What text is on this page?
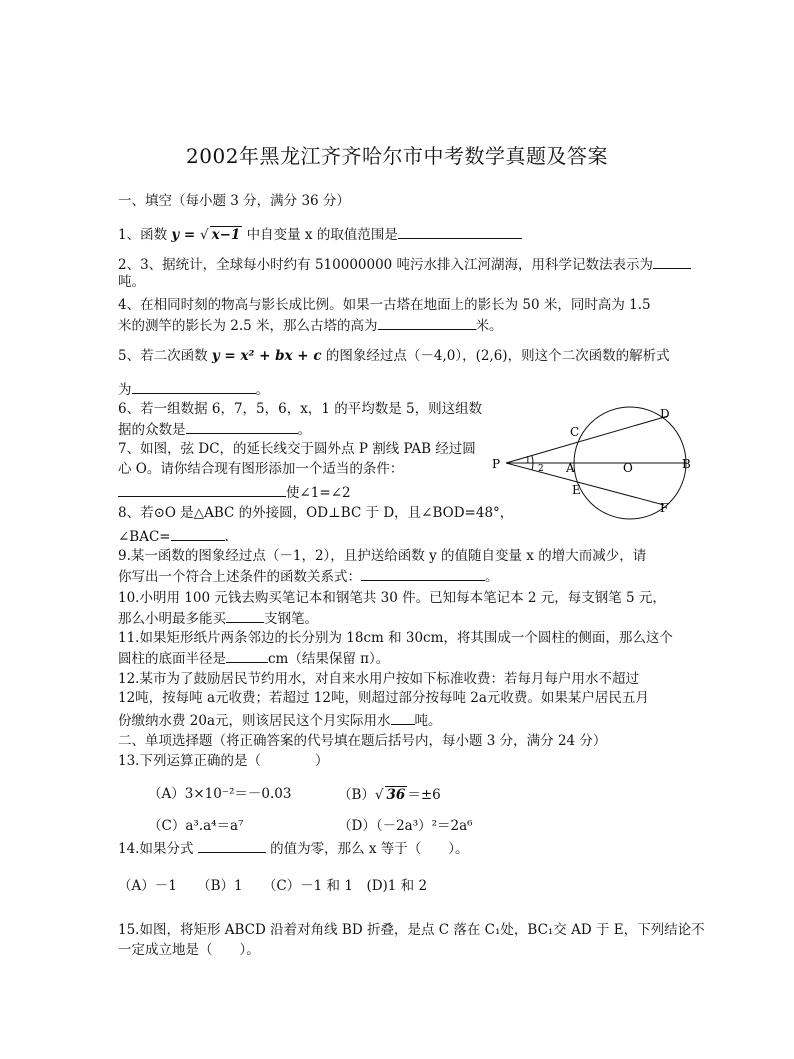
2002年黑龙江齐齐哈尔市中考数学真题及答案
一、填空（每小题 3 分，满分 36 分）
1、函数 y = √ x−1 中自变量 x 的取值范围是
2、3、据统计，全球每小时约有 510000000 吨污水排入江河湖海，用科学记数法表示为
吨。
4、在相同时刻的物高与影长成比例。如果一古塔在地面上的影长为 50 米，同时高为 1.5
米的测竿的影长为 2.5 米，那么古塔的高为	米。
5、若二次函数 y = x² + bx + c 的图象经过点（－4,0），(2,6)，则这个二次函数的解析式
为	。
6、若一组数据 6，7，5，6，x，1 的平均数是 5，则这组数
据的众数是	。
7、如图，弦 DC，的延长线交于圆外点 P 割线 PAB 经过圆
心 O。请你结合现有图形添加一个适当的条件：
使∠1=∠2
8、若⊙O 是△ABC 的外接圆，OD⊥BC 于 D，且∠BOD=48°，
∠BAC=	.
9.某一函数的图象经过点（－1，2），且护送给函数 y 的值随自变量 x 的增大而减少，请
你写出一个符合上述条件的函数关系式：	。
10.小明用 100 元钱去购买笔记本和钢笔共 30 件。已知每本笔记本 2 元，每支钢笔 5 元，
那么小明最多能买	支钢笔。
11.如果矩形纸片两条邻边的长分别为 18cm 和 30cm，将其围成一个圆柱的侧面，那么这个
圆柱的底面半径是	cm（结果保留 π）。
12.某市为了鼓励居民节约用水，对自来水用户按如下标准收费：若每月每户用水不超过
12吨，按每吨 a元收费；若超过 12吨，则超过部分按每吨 2a元收费。如果某户居民五月
份缴纳水费 20a元，则该居民这个月实际用水 吨。
二、单项选择题（将正确答案的代号填在题后括号内，每小题 3 分，满分 24 分）
13.下列运算正确的是（　　　　）
（A）3×10⁻²＝－0.03	（B）√ 36 ＝±6
（C）a³.a⁴＝a⁷	（D）（－2a³）²＝2a⁶
14.如果分式	的值为零，那么 x 等于（　　）。
（A）－1　　（B）1　　（C）－1 和 1　(D)1 和 2
15.如图，将矩形 ABCD 沿着对角线 BD 折叠，是点 C 落在 C₁处，BC₁交 AD 于 E，下列结论不
一定成立地是（　　）。
P
C
D
1
2 A	O	B
E
F
